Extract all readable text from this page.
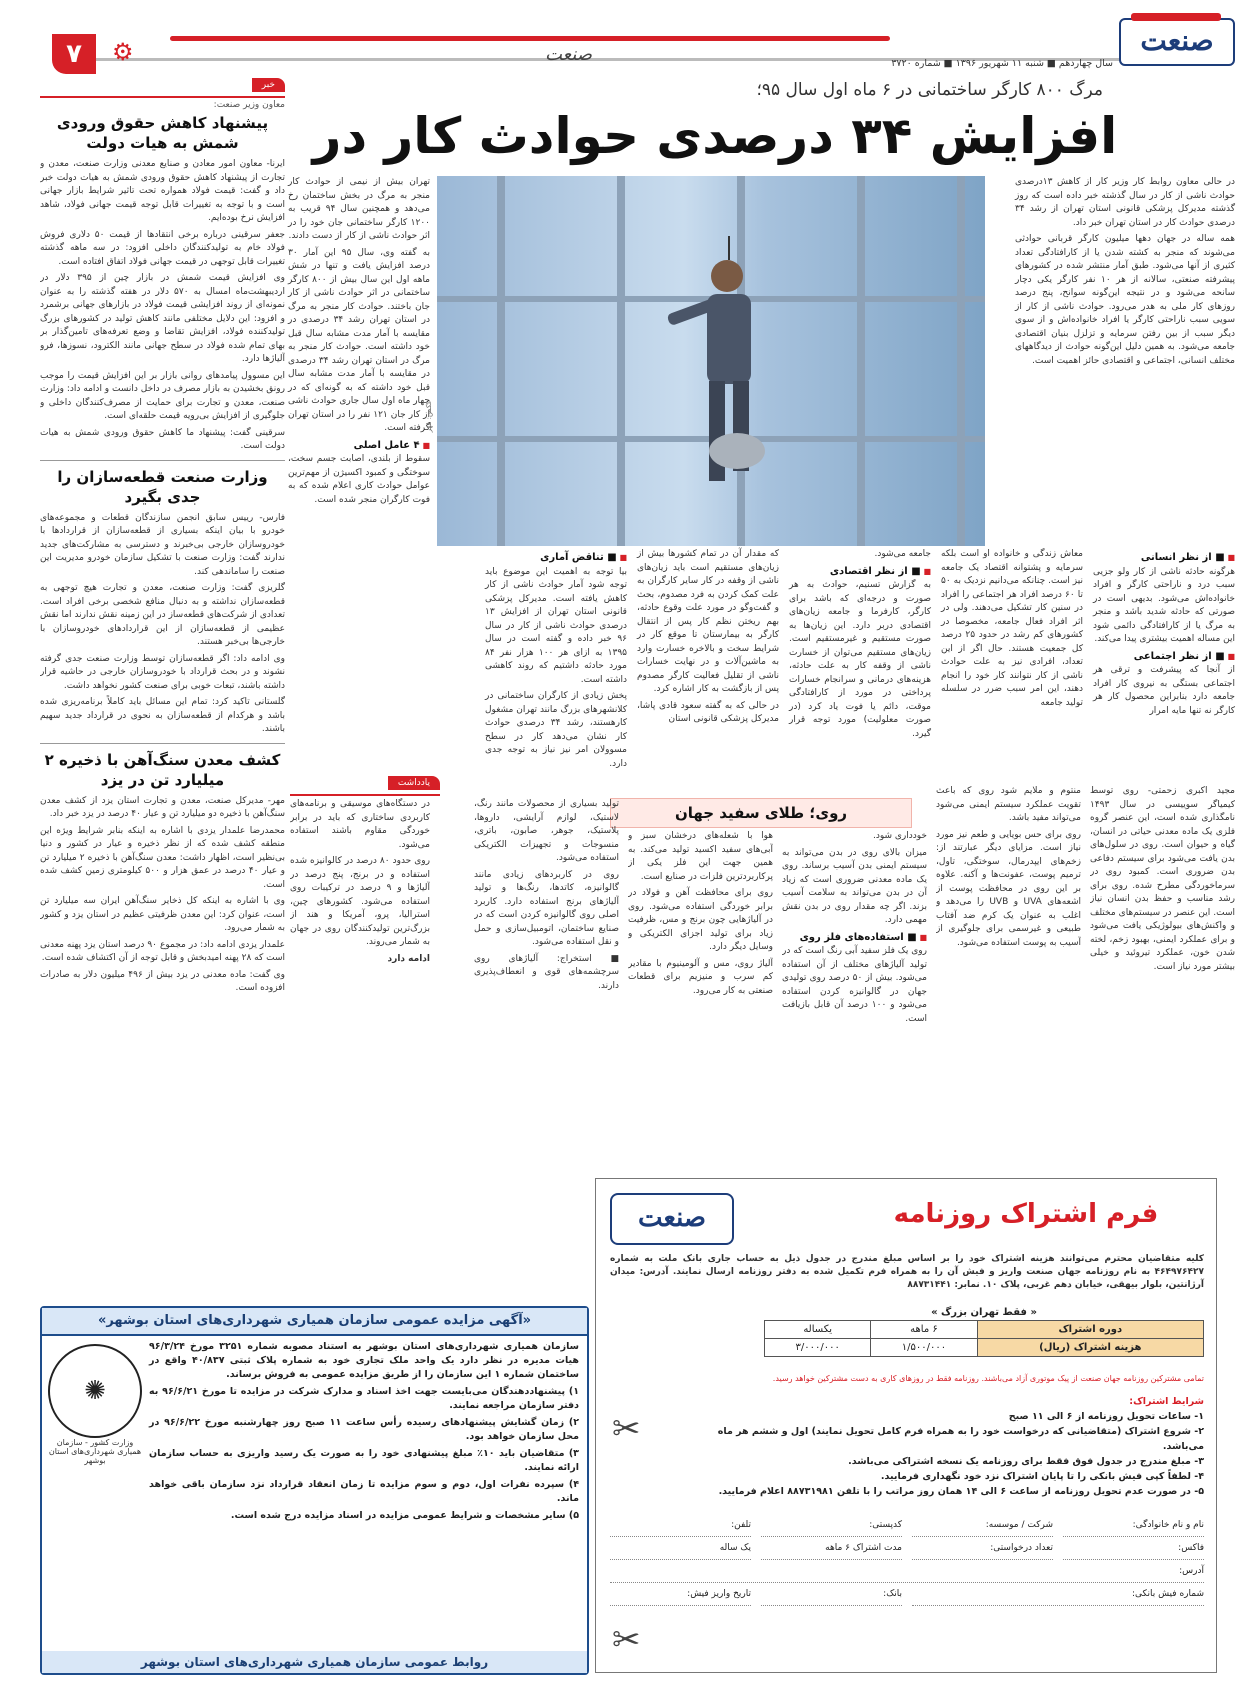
صنعت
صنعت	سال چهاردهم ■ شنبه ۱۱ شهریور ۱۳۹۶ ■ شماره ۳۷۲۰
۷	⚙
مرگ ۸۰۰ کارگر ساختمانی در ۶ ماه اول سال ۹۵؛
افزایش ۳۴ درصدی حوادث کار در

در حالی معاون روابط کار وزیر کار از کاهش ۱۳درصدی حوادث ناشی از کار در سال گذشته خبر داده است که روز گذشته مدیرکل پزشکی قانونی استان تهران از رشد ۳۴ درصدی حوادث کار در استان تهران خبر داد.

همه ساله در جهان دهها میلیون کارگر قربانی حوادثی می‌شوند که منجر به کشته شدن یا از کارافتادگی تعداد کثیری از آنها می‌شود. طبق آمار منتشر شده در کشورهای پیشرفته صنعتی، سالانه از هر ۱۰ نفر کارگر یکی دچار سانحه می‌شود و در نتیجه این‌گونه سوانح، پنج درصد روزهای کار ملی به هدر می‌رود. حوادث ناشی از کار از سویی سبب ناراحتی کارگر یا افراد خانواده‌اش و از سوی دیگر سبب از بین رفتن سرمایه و تزلزل بنیان اقتصادی جامعه می‌شود. به همین دلیل این‌گونه حوادث از دیدگاههای مختلف انسانی، اجتماعی و اقتصادی حائز اهمیت است.

عکس: مهر

تهران بیش از نیمی از حوادث کار منجر به مرگ در بخش ساختمان رخ می‌دهد و همچنین سال ۹۴ قریب به ۱۲۰۰ کارگر ساختمانی جان خود را در اثر حوادث ناشی از کار از دست دادند.

به گفته وی، سال ۹۵ این آمار ۳۰ درصد افزایش یافت و تنها در شش ماهه اول این سال بیش از ۸۰۰ کارگر ساختمانی در اثر حوادث ناشی از کار جان باختند. حوادث کار منجر به مرگ در استان تهران رشد ۳۴ درصدی در مقایسه با آمار مدت مشابه سال قبل خود داشته است. حوادث کار منجر به مرگ در استان تهران رشد ۳۴ درصدی در مقایسه با آمار مدت مشابه سال قبل خود داشته که به گونه‌ای که در چهار ماه اول سال جاری حوادث ناشی از کار جان ۱۲۱ نفر را در استان تهران گرفته است.

■ ۴ عامل اصلی

سقوط از بلندی، اصابت جسم سخت، سوختگی و کمبود اکسیژن از مهم‌ترین عوامل حوادث کاری اعلام شده که به فوت کارگران منجر شده است.

■ ■ از نظر انسانی

هرگونه حادثه ناشی از کار ولو جزیی سبب درد و ناراحتی کارگر و افراد خانواده‌اش می‌شود. بدیهی است در صورتی که حادثه شدید باشد و منجر به مرگ یا از کارافتادگی دائمی شود این مساله اهمیت بیشتری پیدا می‌کند.

■ ■ از نظر اجتماعی

از آنجا که پیشرفت و ترقی هر اجتماعی بستگی به نیروی کار افراد جامعه دارد بنابراین محصول کار هر کارگر نه تنها مایه امرار

معاش زندگی و خانواده او است بلکه سرمایه و پشتوانه اقتصاد یک جامعه نیز است. چنانکه می‌دانیم نزدیک به ۵۰ تا ۶۰ درصد افراد هر اجتماعی را افراد در سنین کار تشکیل می‌دهند. ولی در اثر افراد فعال جامعه، مخصوصا در کشورهای کم رشد در حدود ۲۵ درصد کل جمعیت هستند. حال اگر از این تعداد، افرادی نیز به علت حوادث ناشی از کار نتوانند کار خود را انجام دهند، این امر سبب ضرر در سلسله تولید جامعه

جامعه می‌شود.

■ ■ از نظر اقتصادی

به گزارش تسنیم، حوادث به هر صورت و درجه‌ای که باشد برای کارگر، کارفرما و جامعه زیان‌های اقتصادی دربر دارد. این زیان‌ها به صورت مستقیم و غیرمستقیم است. زیان‌های مستقیم می‌توان از خسارت ناشی از وقفه کار به علت حادثه، هزینه‌های درمانی و سرانجام خسارات پرداختی در مورد از کارافتادگی موقت، دائم یا فوت یاد کرد (در صورت معلولیت) مورد توجه قرار گیرد.

که مقدار آن در تمام کشورها بیش از زیان‌های مستقیم است باید زیان‌های ناشی از وقفه در کار سایر کارگران به علت کمک کردن به فرد مصدوم، بحث و گفت‌وگو در مورد علت وقوع حادثه، بهم ریختن نظم کار پس از انتقال کارگر به بیمارستان تا موقع کار در شرایط سخت و بالاخره خسارت وارد به ماشین‌آلات و در نهایت خسارات ناشی از تقلیل فعالیت کارگر مصدوم پس از بازگشت به کار اشاره کرد.

در حالی که به گفته سعود قادی پاشا، مدیرکل پزشکی قانونی استان

■ ■ تناقض آماری

بیا توجه به اهمیت این موضوع باید توجه شود آمار حوادث ناشی از کار کاهش یافته است. مدیرکل پزشکی قانونی استان تهران از افزایش ۱۳ درصدی حوادث ناشی از کار در سال ۹۶ خبر داده و گفته است در سال ۱۳۹۵ به ازای هر ۱۰۰ هزار نفر ۸۴ مورد حادثه داشتیم که روند کاهشی داشته است.

پخش زیادی از کارگران ساختمانی در کلانشهرهای بزرگ مانند تهران مشغول کارهستند، رشد ۳۴ درصدی حوادث کار نشان می‌دهد کار در سطح مسوولان امر نیز نیاز به توجه جدی دارد.

خبر
معاون وزیر صنعت:
پیشنهاد کاهش حقوق ورودی شمش به هیات دولت

ایرنا- معاون امور معادن و صنایع معدنی وزارت صنعت، معدن و تجارت از پیشنهاد کاهش حقوق ورودی شمش به هیات دولت خبر داد و گفت: قیمت فولاد همواره تحت تاثیر شرایط بازار جهانی است و با توجه به تغییرات قابل توجه قیمت جهانی فولاد، شاهد افزایش نرخ بوده‌ایم.

جعفر سرقینی درباره برخی انتقادها از قیمت ۵۰ دلاری فروش فولاد خام به تولیدکنندگان داخلی افزود: در سه ماهه گذشته تغییرات قابل توجهی در قیمت جهانی فولاد اتفاق افتاده است.

وی افزایش قیمت شمش در بازار چین از ۳۹۵ دلار در اردیبهشت‌ماه امسال به ۵۷۰ دلار در هفته گذشته را به عنوان نمونه‌ای از روند افزایشی قیمت فولاد در بازارهای جهانی برشمرد و افزود: این دلایل مختلفی مانند کاهش تولید در کشورهای بزرگ تولیدکننده فولاد، افزایش تقاضا و وضع تعرفه‌های تامین‌گذار بر بهای تمام شده فولاد در سطح جهانی مانند الکترود، نسوزها، فرو آلیاژها دارد.

این مسوول پیامدهای روانی بازار بر این افزایش قیمت را موجب رونق بخشیدن به بازار مصرف در داخل دانست و ادامه داد: وزارت صنعت، معدن و تجارت برای حمایت از مصرف‌کنندگان داخلی و جلوگیری از افزایش بی‌رویه قیمت حلقه‌ای است.

سرقینی گفت: پیشنهاد ما کاهش حقوق ورودی شمش به هیات دولت است.

وزارت صنعت قطعه‌سازان را جدی بگیرد

فارس- رییس سابق انجمن سازندگان قطعات و مجموعه‌های خودرو با بیان اینکه بسیاری از قطعه‌سازان از قراردادها با خودروسازان خارجی بی‌خبرند و دسترسی به مشارکت‌های جدید ندارند گفت: وزارت صنعت با تشکیل سازمان خودرو مدیریت این صنعت را ساماندهی کند.

گلریزی گفت: وزارت صنعت، معدن و تجارت هیچ توجهی به قطعه‌سازان نداشته و به دنبال منافع شخصی برخی افراد است. تعدادی از شرکت‌های قطعه‌ساز در این زمینه نقش ندارند اما نقش عظیمی از قطعه‌سازان از این قراردادهای خودروسازان با خارجی‌ها بی‌خبر هستند.

وی ادامه داد: اگر قطعه‌سازان توسط وزارت صنعت جدی گرفته نشوند و در بحث قرارداد با خودروسازان خارجی در حاشیه قرار داشته باشند، تبعات خوبی برای صنعت کشور نخواهد داشت.

گلستانی تاکید کرد: تمام این مسائل باید کاملاً برنامه‌ریزی شده باشد و هرکدام از قطعه‌سازان به نحوی در قرارداد جدید سهیم باشند.

کشف معدن سنگ‌آهن با ذخیره ۲ میلیارد تن در یزد

مهر- مدیرکل صنعت، معدن و تجارت استان یزد از کشف معدن سنگ‌آهن با ذخیره دو میلیارد تن و عیار ۴۰ درصد در یزد خبر داد.

محمدرضا علمدار یزدی با اشاره به اینکه بنابر شرایط ویژه این منطقه کشف شده که از نظر ذخیره و عیار در کشور و دنیا بی‌نظیر است، اظهار داشت: معدن سنگ‌آهن با ذخیره ۲ میلیارد تن و عیار ۴۰ درصد در عمق هزار و ۵۰۰ کیلومتری زمین کشف شده است.

وی با اشاره به اینکه کل ذخایر سنگ‌آهن ایران سه میلیارد تن است، عنوان کرد: این معدن ظرفیتی عظیم در استان یزد و کشور به شمار می‌رود.

علمدار یزدی ادامه داد: در مجموع ۹۰ درصد استان یزد پهنه معدنی است که ۲۸ پهنه امیدبخش و قابل توجه از آن اکتشاف شده است.

وی گفت: ماده معدنی در یزد بیش از ۴۹۶ میلیون دلار به صادرات افزوده است.

یادداشت
روی؛ طلای سفید جهان

مجید اکبری زحمتی- روی توسط کیمیاگر سوییسی در سال ۱۴۹۳ نامگذاری شده است، این عنصر گروه فلزی یک ماده معدنی حیاتی در انسان، گیاه و حیوان است. روی در سلول‌های بدن یافت می‌شود برای سیستم دفاعی بدن ضروری است. کمبود روی در سرماخوردگی مطرح شده. روی برای رشد مناسب و حفظ بدن انسان نیاز است. این عنصر در سیستم‌های مختلف و واکنش‌های بیولوژیکی یافت می‌شود و برای عملکرد ایمنی، بهبود زخم، لخته شدن خون، عملکرد تیروئید و خیلی بیشتر مورد نیاز است.

منتوم و ملایم شود روی که باعث تقویت عملکرد سیستم ایمنی می‌شود می‌تواند مفید باشد.

روی برای حس بویایی و طعم نیز مورد نیاز است. مزایای دیگر عبارتند از: زخم‌های ایپدرمال، سوختگی، تاول، ترمیم پوست، عفونت‌ها و آکنه. علاوه بر این روی در محافظت پوست از اشعه‌های UVA و UVB را می‌دهد و اغلب به عنوان یک کرم ضد آفتاب طبیعی و غیرسمی برای جلوگیری از آسیب به پوست استفاده می‌شود.

خودداری شود.

میزان بالای روی در بدن می‌تواند به سیستم ایمنی بدن آسیب برساند. روی یک ماده معدنی ضروری است که زیاد آن در بدن می‌تواند به سلامت آسیب بزند. اگر چه مقدار روی در بدن نقش مهمی دارد.

■ ■ استفاده‌های فلز روی

روی یک فلز سفید آبی رنگ است که در تولید آلیاژهای مختلف از آن استفاده می‌شود. بیش از ۵۰ درصد روی تولیدی جهان در گالوانیزه کردن استفاده می‌شود و ۱۰۰ درصد آن قابل بازیافت است.

هوا با شعله‌های درخشان سبز و آبی‌های سفید اکسید تولید می‌کند. به همین جهت این فلز یکی از پرکاربردترین فلزات در صنایع است.

روی برای محافظت آهن و فولاد در برابر خوردگی استفاده می‌شود. روی در آلیاژهایی چون برنج و مس، ظرفیت زیاد برای تولید اجزای الکتریکی و وسایل دیگر دارد.

آلیاژ روی، مس و آلومینیوم با مقادیر کم سرب و منیزیم برای قطعات صنعتی به کار می‌رود.

تولید بسیاری از محصولات مانند رنگ، لاستیک، لوازم آرایشی، داروها، پلاستیک، جوهر، صابون، باتری، منسوجات و تجهیزات الکتریکی استفاده می‌شود.

روی در کاربردهای زیادی مانند گالوانیزه، کاتدها، رنگ‌ها و تولید آلیاژهای برنج استفاده دارد. کاربرد اصلی روی گالوانیزه کردن است که در صنایع ساختمان، اتومبیل‌سازی و حمل و نقل استفاده می‌شود.

■ استخراج: آلیاژهای روی سرچشمه‌های قوی و انعطاف‌پذیری دارند.

در دستگاه‌های موسیقی و برنامه‌های کاربردی ساختاری که باید در برابر خوردگی مقاوم باشند استفاده می‌شود.

روی حدود ۸۰ درصد در کالوانیزه شده استفاده و در برنج، پنج درصد در آلیاژها و ۹ درصد در ترکیبات روی استفاده می‌شود. کشورهای چین، استرالیا، پرو، آمریکا و هند از بزرگ‌ترین تولیدکنندگان روی در جهان به شمار می‌روند.

ادامه دارد

«آگهی مزایده عمومی سازمان همیاری شهرداری‌های استان بوشهر»
✺
وزارت کشور - سازمان همیاری شهرداری‌های استان بوشهر

سازمان همیاری شهرداری‌های استان بوشهر به استناد مصوبه شماره ۳۲۵۱ مورخ ۹۶/۳/۲۴ هیات مدیره در نظر دارد یک واحد ملک تجاری خود به شماره پلاک ثبتی ۴۰/۸۳۷ واقع در ساختمان شماره ۱ این سازمان را از طریق مزایده عمومی به فروش برساند.

۱) پیشنهاددهندگان می‌بایست جهت اخذ اسناد و مدارک شرکت در مزایده تا مورخ ۹۶/۶/۲۱ به دفتر سازمان مراجعه نمایند.

۲) زمان گشایش پیشنهادهای رسیده رأس ساعت ۱۱ صبح روز چهارشنبه مورخ ۹۶/۶/۲۲ در محل سازمان خواهد بود.

۳) متقاضیان باید ۱۰٪ مبلغ پیشنهادی خود را به صورت یک رسید واریزی به حساب سازمان ارائه نمایند.

۴) سپرده نفرات اول، دوم و سوم مزایده تا زمان انعقاد قرارداد نزد سازمان باقی خواهد ماند.

۵) سایر مشخصات و شرایط عمومی مزایده در اسناد مزایده درج شده است.

روابط عمومی سازمان همیاری شهرداری‌های استان بوشهر
صنعت	فرم اشتراک روزنامه
کلیه متقاضیان محترم می‌توانند هزینه اشتراک خود را بر اساس مبلغ مندرج در جدول ذیل به حساب جاری بانک ملت به شماره ۴۶۴۹۷۶۴۲۷ به نام روزنامه جهان صنعت واریز و فیش آن را به همراه فرم تکمیل شده به دفتر روزنامه ارسال نمایند. آدرس: میدان آرژانتین، بلوار بیهقی، خیابان دهم غربی، پلاک ۱۰. نمابر: ۸۸۷۳۱۴۴۱
« فقط تهران بزرگ »
دوره اشتراک	۶ ماهه	یکساله
هزینه اشتراک (ریال)	۱/۵۰۰/۰۰۰	۳/۰۰۰/۰۰۰
تمامی مشترکین روزنامه جهان صنعت از پیک موتوری آزاد می‌باشند. روزنامه فقط در روزهای کاری به دست مشترکین خواهد رسید.
شرایط اشتراک:
۱- ساعات تحویل روزنامه از ۶ الی ۱۱ صبح
۲- شروع اشتراک (متقاضیانی که درخواست خود را به همراه فرم کامل تحویل نمایند) اول و ششم هر ماه می‌باشد.
۳- مبلغ مندرج در جدول فوق فقط برای روزنامه یک نسخه اشتراکی می‌باشد.
۴- لطفاً کپی فیش بانکی را تا پایان اشتراک نزد خود نگهداری فرمایید.
۵- در صورت عدم تحویل روزنامه از ساعت ۶ الی ۱۴ همان روز مراتب را با تلفن ۸۸۷۳۱۹۸۱ اعلام فرمایید.
✂
نام و نام خانوادگی:
شرکت / موسسه:
کدپستی:
تلفن:
فاکس:
تعداد درخواستی:
مدت اشتراک ۶ ماهه
یک ساله
آدرس:
شماره فیش بانکی:
بانک:
تاریخ واریز فیش:
✂
